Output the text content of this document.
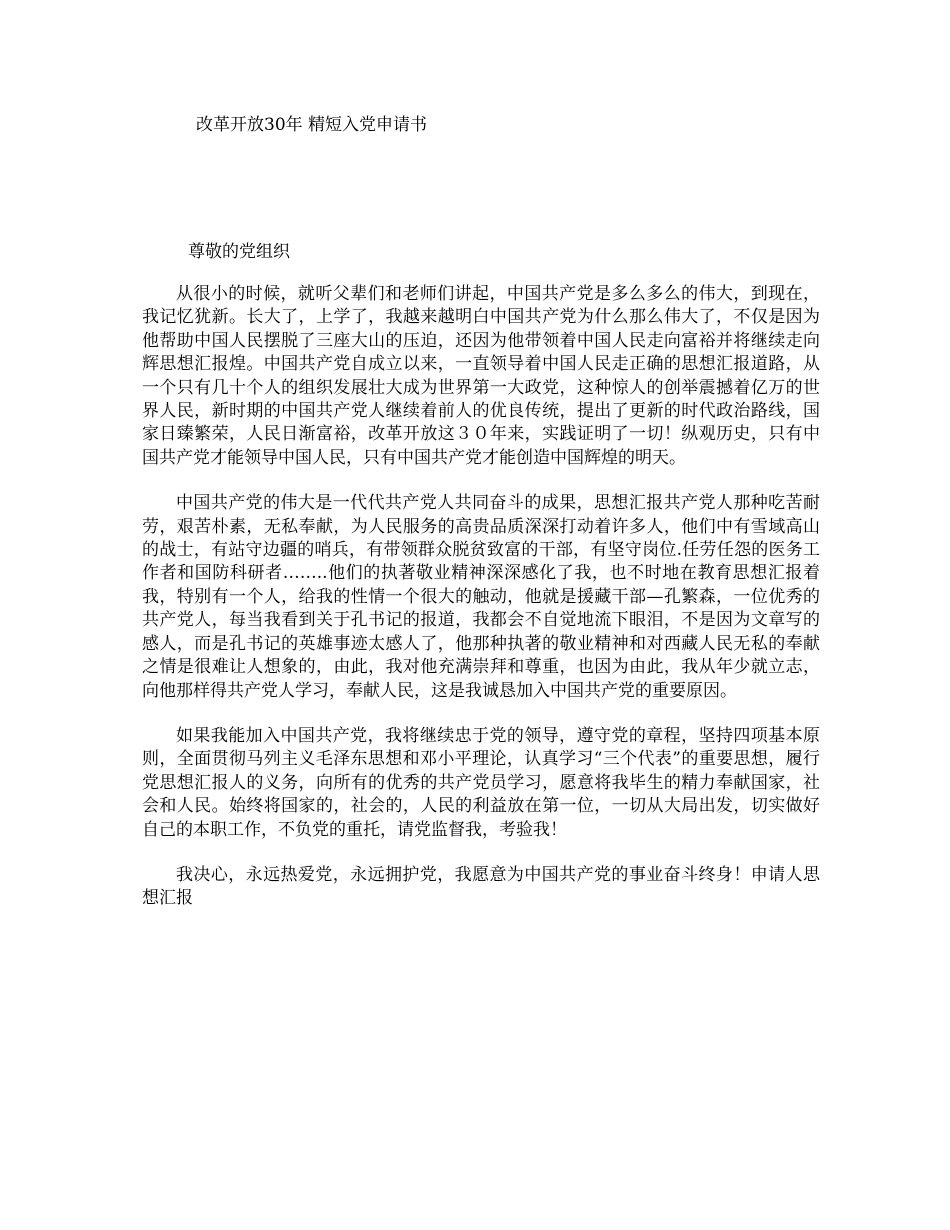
改革开放30年 精短入党申请书
尊敬的党组织

从很小的时候，就听父辈们和老师们讲起，中国共产党是多么多么的伟大，到现在，我记忆犹新。长大了，上学了，我越来越明白中国共产党为什么那么伟大了，不仅是因为他帮助中国人民摆脱了三座大山的压迫，还因为他带领着中国人民走向富裕并将继续走向辉思想汇报煌。中国共产党自成立以来，一直领导着中国人民走正确的思想汇报道路，从一个只有几十个人的组织发展壮大成为世界第一大政党，这种惊人的创举震撼着亿万的世界人民，新时期的中国共产党人继续着前人的优良传统，提出了更新的时代政治路线，国家日臻繁荣，人民日渐富裕，改革开放这３０年来，实践证明了一切！纵观历史，只有中国共产党才能领导中国人民，只有中国共产党才能创造中国辉煌的明天。

中国共产党的伟大是一代代共产党人共同奋斗的成果，思想汇报共产党人那种吃苦耐劳，艰苦朴素，无私奉献，为人民服务的高贵品质深深打动着许多人，他们中有雪域高山的战士，有站守边疆的哨兵，有带领群众脱贫致富的干部，有坚守岗位.任劳任怨的医务工作者和国防科研者……..他们的执著敬业精神深深感化了我，也不时地在教育思想汇报着我，特别有一个人，给我的性情一个很大的触动，他就是援藏干部—孔繁森，一位优秀的共产党人，每当我看到关于孔书记的报道，我都会不自觉地流下眼泪，不是因为文章写的感人，而是孔书记的英雄事迹太感人了，他那种执著的敬业精神和对西藏人民无私的奉献之情是很难让人想象的，由此，我对他充满崇拜和尊重，也因为由此，我从年少就立志，向他那样得共产党人学习，奉献人民，这是我诚恳加入中国共产党的重要原因。

如果我能加入中国共产党，我将继续忠于党的领导，遵守党的章程，坚持四项基本原则，全面贯彻马列主义毛泽东思想和邓小平理论，认真学习“三个代表”的重要思想，履行党思想汇报人的义务，向所有的优秀的共产党员学习，愿意将我毕生的精力奉献国家，社会和人民。始终将国家的，社会的，人民的利益放在第一位，一切从大局出发，切实做好自己的本职工作，不负党的重托，请党监督我，考验我！

我决心，永远热爱党，永远拥护党，我愿意为中国共产党的事业奋斗终身！申请人思想汇报
